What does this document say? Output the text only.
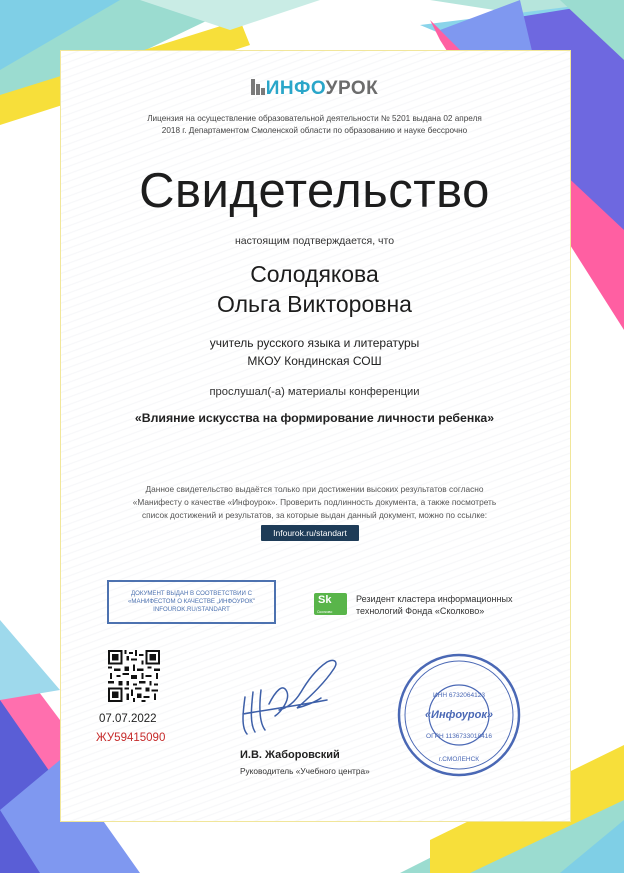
ИНФОУРОК
Лицензия на осуществление образовательной деятельности № 5201 выдана 02 апреля
2018 г. Департаментом Смоленской области по образованию и науке бессрочно
Свидетельство
настоящим подтверждается, что
Солодякова
Ольга Викторовна
учитель русского языка и литературы
МКОУ Кондинская СОШ
прослушал(-а) материалы конференции
«Влияние искусства на формирование личности ребенка»
Данное свидетельство выдаётся только при достижении высоких результатов согласно
«Манифесту о качестве «Инфоурок». Проверить подлинность документа, а также посмотреть
список достижений и результатов, за которые выдан данный документ, можно по ссылке:
Infourok.ru/standart
ДОКУМЕНТ ВЫДАН В СООТВЕТСТВИИ С
«МАНИФЕСТОМ О КАЧЕСТВЕ „ИНФОУРОК"
INFOUROK.RU/STANDART
Sk
Сколково
Резидент кластера информационных
технологий Фонда «Сколково»
07.07.2022
ЖУ59415090
И.В. Жаборовский
Руководитель «Учебного центра»
«Инфоурок»
ИНН 6732064123
ОГРН 1136733018416
г.СМОЛЕНСК
